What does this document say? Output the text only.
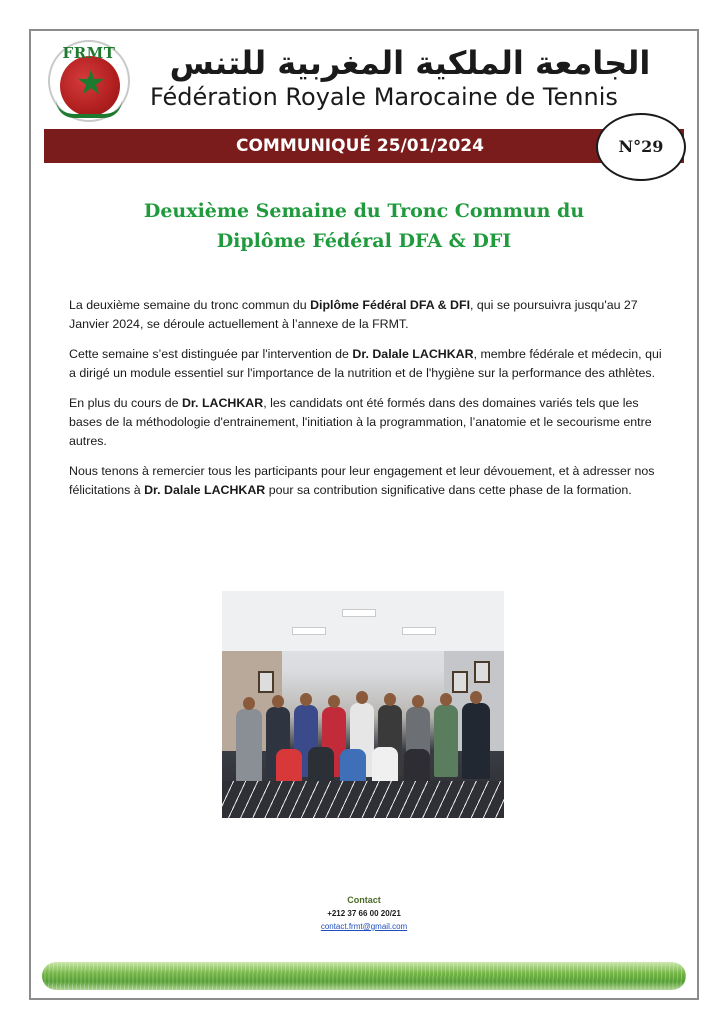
★
FRMT	الجامعة الملكية المغربية للتنس
Fédération Royale Marocaine de Tennis
COMMUNIQUÉ 25/01/2024	N°29
Deuxième Semaine du Tronc Commun du
Diplôme Fédéral DFA & DFI

La deuxième semaine du tronc commun du Diplôme Fédéral DFA & DFI, qui se poursuivra jusqu'au 27 Janvier 2024, se déroule actuellement à l’annexe de la FRMT.

Cette semaine s’est distinguée par l'intervention de Dr. Dalale LACHKAR, membre fédérale et médecin, qui a dirigé un module essentiel sur l'importance de la nutrition et de l'hygiène sur la performance des athlètes.

En plus du cours de Dr. LACHKAR, les candidats ont été formés dans des domaines variés tels que les bases de la méthodologie d'entrainement, l'initiation à la programmation, l’anatomie et le secourisme entre autres.

Nous tenons à remercier tous les participants pour leur engagement et leur dévouement, et à adresser nos félicitations à Dr. Dalale LACHKAR pour sa contribution significative dans cette phase de la formation.

Contact
+212 37 66 00 20/21
contact.frmt@gmail.com
